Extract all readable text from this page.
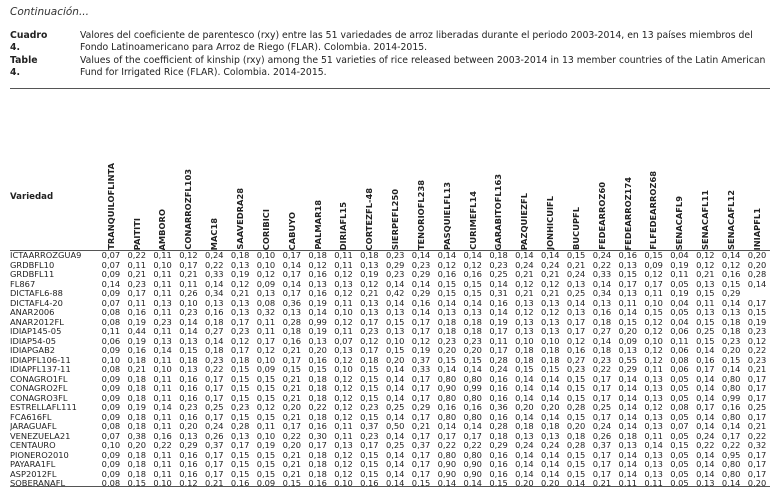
Continuación...
Cuadro 4.
Valores del coeficiente de parentesco (rxy) entre las 51 variedades de arroz liberadas durante el periodo 2003-2014, en 13 países miembros del Fondo Latinoamericano para Arroz de Riego (FLAR). Colombia. 2014-2015.
Table 4.
Values of the coefficient of kinship (rxy) among the 51 varieties of rice released between 2003-2014 in 13 member countries of the Latin American Fund for Irrigated Rice (FLAR). Colombia. 2014-2015.
Variedad	TRANQUILOFLINTA	PAITITI	AMBORO	CONARROZFL103	MAC18	SAAVEDRA28	CORIBICI	CABUYO	PALMAR18	DIRIAFL15	CORTEZFL-48	SIERPEFL250	TENORIOFL238	PASQUIELFL13	CURIMEFL14	GARABITOFL163	PAZQUIEZFL	JONHICUIFL	BUCUPFL	FEDEARROZ60	FEDEARROZ174	FLFEDEARROZ68	SENACAFL9	SENACAFL11	SENACAFL12	INIAPFL1

ICTAARROZGUA9	0,07	0,22	0,11	0,12	0,24	0,18	0,10	0,17	0,18	0,11	0,18	0,23	0,14	0,14	0,14	0,18	0,14	0,14	0,15	0,24	0,16	0,15	0,04	0,12	0,14	0,20
GRDBFL10	0,07	0,11	0,10	0,17	0,22	0,13	0,10	0,14	0,12	0,11	0,13	0,29	0,23	0,12	0,12	0,23	0,24	0,24	0,21	0,22	0,13	0,09	0,19	0,12	0,12	0,20
GRDBFL11	0,09	0,21	0,11	0,21	0,33	0,19	0,12	0,17	0,16	0,12	0,19	0,23	0,29	0,16	0,16	0,25	0,21	0,21	0,24	0,33	0,15	0,12	0,11	0,21	0,16	0,28
FL867	0,14	0,23	0,11	0,11	0,14	0,12	0,09	0,14	0,13	0,13	0,12	0,14	0,14	0,15	0,15	0,14	0,12	0,12	0,13	0,14	0,17	0,17	0,05	0,13	0,15	0,14
DICTAFL6-88	0,09	0,17	0,11	0,26	0,34	0,21	0,13	0,17	0,16	0,12	0,21	0,42	0,29	0,15	0,15	0,31	0,21	0,21	0,25	0,34	0,13	0,11	0,19	0,15	0,29	
DICTAFL4-20	0,07	0,11	0,13	0,10	0,13	0,13	0,08	0,36	0,19	0,11	0,13	0,14	0,16	0,14	0,14	0,16	0,13	0,13	0,14	0,13	0,11	0,10	0,04	0,11	0,14	0,17
ANAR2006	0,08	0,16	0,11	0,23	0,16	0,13	0,32	0,13	0,14	0,10	0,13	0,13	0,14	0,13	0,13	0,14	0,12	0,12	0,13	0,16	0,14	0,15	0,05	0,13	0,13	0,15
ANAR2012FL	0,08	0,19	0,23	0,14	0,18	0,17	0,11	0,28	0,99	0,12	0,17	0,15	0,17	0,18	0,18	0,19	0,13	0,13	0,17	0,18	0,15	0,12	0,04	0,15	0,18	0,19
IDIAP145-05	0,11	0,44	0,11	0,14	0,27	0,23	0,11	0,18	0,19	0,11	0,23	0,13	0,17	0,18	0,18	0,17	0,13	0,13	0,17	0,27	0,20	0,12	0,06	0,25	0,18	0,23
IDIAP54-05	0,06	0,19	0,13	0,13	0,14	0,12	0,17	0,16	0,13	0,07	0,12	0,10	0,12	0,23	0,23	0,11	0,10	0,10	0,12	0,14	0,09	0,10	0,11	0,15	0,23	0,12
IDIAPGAB2	0,09	0,16	0,14	0,15	0,18	0,17	0,12	0,21	0,20	0,13	0,17	0,15	0,19	0,20	0,20	0,17	0,18	0,18	0,16	0,18	0,13	0,12	0,06	0,14	0,20	0,22
IDIAPFL106-11	0,10	0,18	0,11	0,18	0,23	0,18	0,10	0,17	0,16	0,12	0,18	0,20	0,37	0,15	0,15	0,28	0,18	0,18	0,27	0,23	0,55	0,12	0,08	0,16	0,15	0,23
IDIAPFL137-11	0,08	0,21	0,10	0,13	0,22	0,15	0,09	0,15	0,15	0,10	0,15	0,14	0,33	0,14	0,14	0,24	0,15	0,15	0,23	0,22	0,29	0,11	0,06	0,17	0,14	0,21
CONAGRO1FL	0,09	0,18	0,11	0,16	0,17	0,15	0,15	0,21	0,18	0,12	0,15	0,14	0,17	0,80	0,80	0,16	0,14	0,14	0,15	0,17	0,14	0,13	0,05	0,14	0,80	0,17
CONAGRO2FL	0,09	0,18	0,11	0,16	0,17	0,15	0,15	0,21	0,18	0,12	0,15	0,14	0,17	0,90	0,99	0,16	0,14	0,14	0,15	0,17	0,14	0,13	0,05	0,14	0,80	0,17
CONAGRO3FL	0,09	0,18	0,11	0,16	0,17	0,15	0,15	0,21	0,18	0,12	0,15	0,14	0,17	0,80	0,80	0,16	0,14	0,14	0,15	0,17	0,14	0,13	0,05	0,14	0,99	0,17
ESTRELLAFL111	0,09	0,19	0,14	0,23	0,25	0,23	0,12	0,20	0,22	0,12	0,23	0,25	0,29	0,16	0,16	0,36	0,20	0,20	0,28	0,25	0,14	0,12	0,08	0,17	0,16	0,25
FCA616FL	0,09	0,18	0,11	0,16	0,17	0,15	0,15	0,21	0,18	0,12	0,15	0,14	0,17	0,80	0,80	0,16	0,14	0,14	0,15	0,17	0,14	0,13	0,05	0,14	0,80	0,17
JARAGUAFL	0,08	0,18	0,11	0,20	0,24	0,28	0,11	0,17	0,16	0,11	0,37	0,50	0,21	0,14	0,14	0,28	0,18	0,18	0,20	0,24	0,14	0,13	0,07	0,14	0,14	0,21
VENEZUELA21	0,07	0,38	0,16	0,13	0,26	0,13	0,10	0,22	0,30	0,11	0,23	0,14	0,17	0,17	0,17	0,18	0,13	0,13	0,18	0,26	0,18	0,11	0,05	0,24	0,17	0,22
CENTAURO	0,10	0,20	0,22	0,29	0,37	0,17	0,19	0,20	0,17	0,13	0,17	0,25	0,37	0,22	0,22	0,29	0,24	0,24	0,28	0,37	0,13	0,14	0,15	0,22	0,22	0,32
PIONERO2010	0,09	0,18	0,11	0,16	0,17	0,15	0,15	0,21	0,18	0,12	0,15	0,14	0,17	0,80	0,80	0,16	0,14	0,14	0,15	0,17	0,14	0,13	0,05	0,14	0,95	0,17
PAYARA1FL	0,09	0,18	0,11	0,16	0,17	0,15	0,15	0,21	0,18	0,12	0,15	0,14	0,17	0,90	0,90	0,16	0,14	0,14	0,15	0,17	0,14	0,13	0,05	0,14	0,80	0,17
ASP2012FL	0,09	0,18	0,11	0,16	0,17	0,15	0,15	0,21	0,18	0,12	0,15	0,14	0,17	0,90	0,90	0,16	0,14	0,14	0,15	0,17	0,14	0,13	0,05	0,14	0,80	0,17
SOBERANAFL	0,08	0,15	0,10	0,12	0,21	0,16	0,09	0,15	0,16	0,10	0,16	0,14	0,15	0,14	0,14	0,15	0,20	0,20	0,14	0,21	0,11	0,11	0,05	0,13	0,14	0,20
